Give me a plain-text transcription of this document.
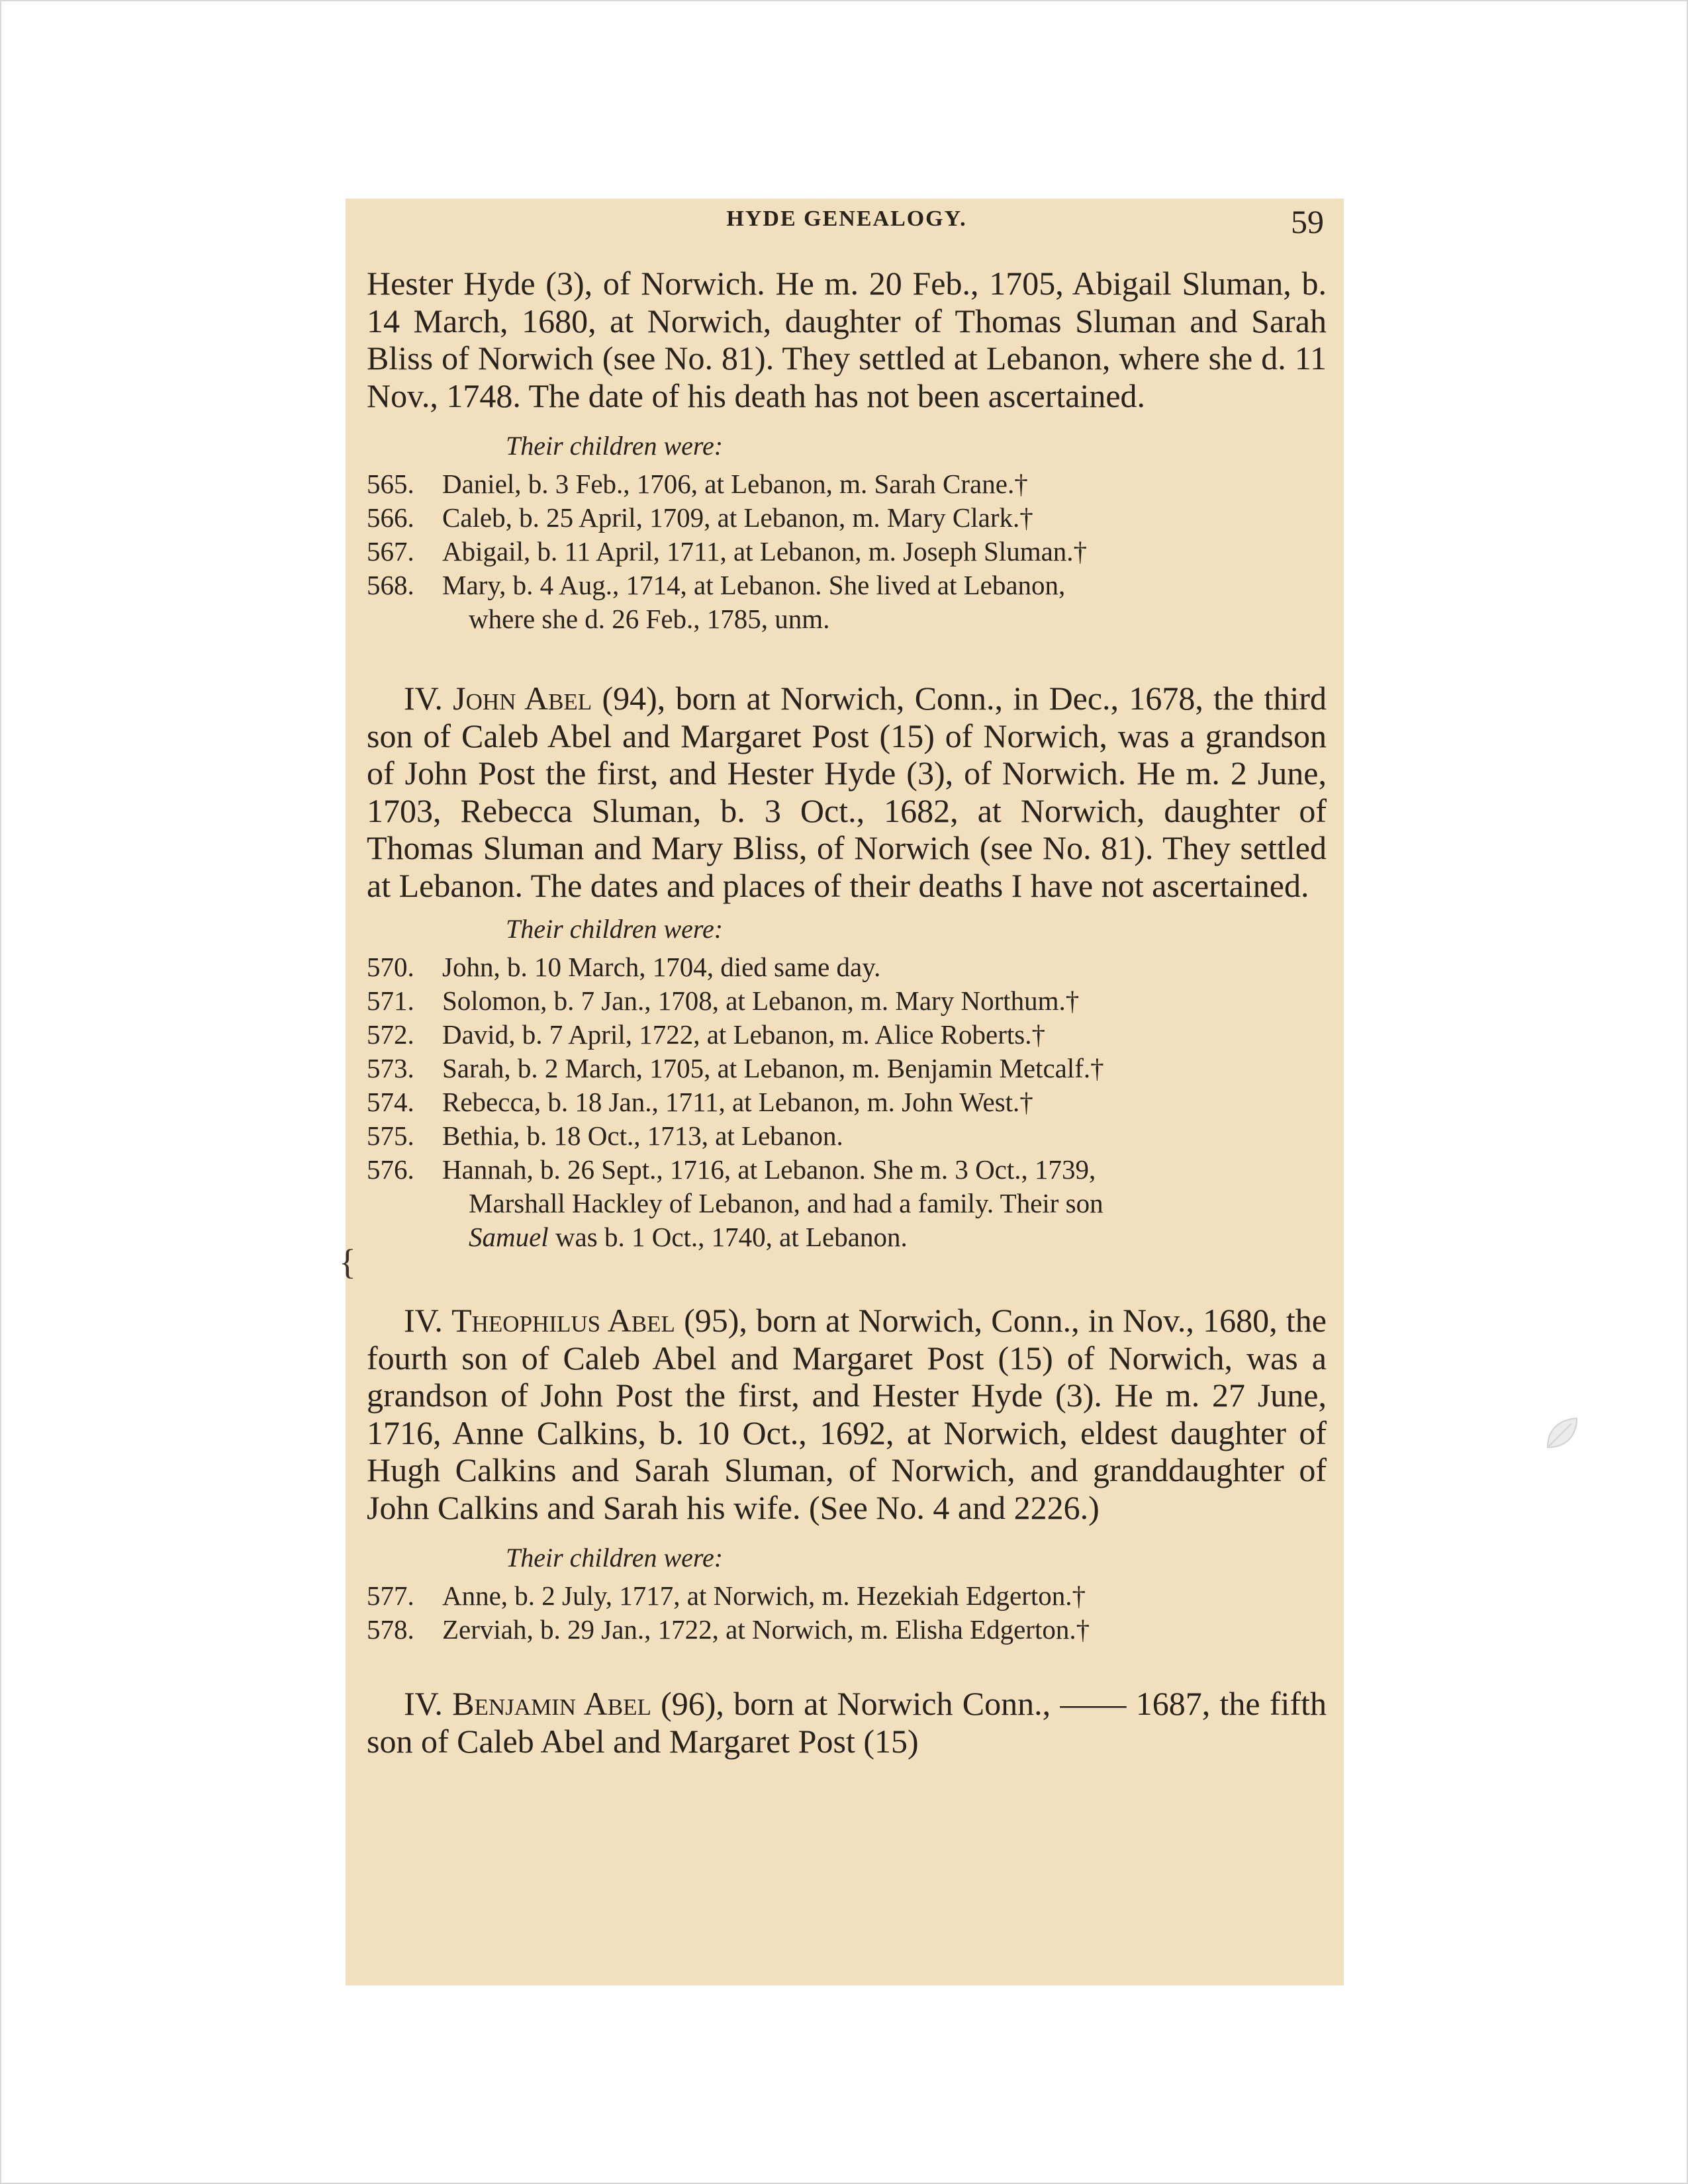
HYDE GENEALOGY.	59

Hester Hyde (3), of Norwich. He m. 20 Feb., 1705, Abigail Sluman, b. 14 March, 1680, at Norwich, daughter of Thomas Sluman and Sarah Bliss of Norwich (see No. 81). They settled at Lebanon, where she d. 11 Nov., 1748. The date of his death has not been ascertained.

Their children were:
565. Daniel, b. 3 Feb., 1706, at Lebanon, m. Sarah Crane.†
566. Caleb, b. 25 April, 1709, at Lebanon, m. Mary Clark.†
567. Abigail, b. 11 April, 1711, at Lebanon, m. Joseph Sluman.†
568. Mary, b. 4 Aug., 1714, at Lebanon. She lived at Lebanon,
where she d. 26 Feb., 1785, unm.

IV. John Abel (94), born at Norwich, Conn., in Dec., 1678, the third son of Caleb Abel and Margaret Post (15) of Norwich, was a grandson of John Post the first, and Hester Hyde (3), of Norwich. He m. 2 June, 1703, Rebecca Sluman, b. 3 Oct., 1682, at Norwich, daughter of Thomas Sluman and Mary Bliss, of Norwich (see No. 81). They settled at Lebanon. The dates and places of their deaths I have not ascertained.

Their children were:
570. John, b. 10 March, 1704, died same day.
571. Solomon, b. 7 Jan., 1708, at Lebanon, m. Mary Northum.†
572. David, b. 7 April, 1722, at Lebanon, m. Alice Roberts.†
573. Sarah, b. 2 March, 1705, at Lebanon, m. Benjamin Metcalf.†
574. Rebecca, b. 18 Jan., 1711, at Lebanon, m. John West.†
575. Bethia, b. 18 Oct., 1713, at Lebanon.
576. Hannah, b. 26 Sept., 1716, at Lebanon. She m. 3 Oct., 1739,
Marshall Hackley of Lebanon, and had a family. Their son
Samuel was b. 1 Oct., 1740, at Lebanon.

IV. Theophilus Abel (95), born at Norwich, Conn., in Nov., 1680, the fourth son of Caleb Abel and Margaret Post (15) of Norwich, was a grandson of John Post the first, and Hester Hyde (3). He m. 27 June, 1716, Anne Calkins, b. 10 Oct., 1692, at Norwich, eldest daughter of Hugh Calkins and Sarah Sluman, of Norwich, and granddaughter of John Calkins and Sarah his wife. (See No. 4 and 2226.)

Their children were:
577. Anne, b. 2 July, 1717, at Norwich, m. Hezekiah Edgerton.†
578. Zerviah, b. 29 Jan., 1722, at Norwich, m. Elisha Edgerton.†

IV. Benjamin Abel (96), born at Norwich Conn., —— 1687, the fifth son of Caleb Abel and Margaret Post (15)

{
